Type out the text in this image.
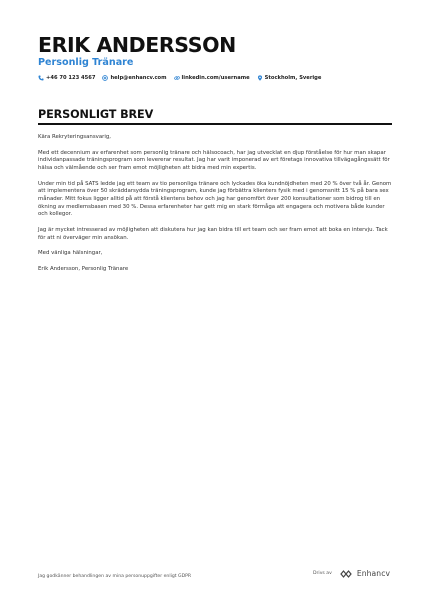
ERIK ANDERSSON
Personlig Tränare
+46 70 123 4567	help@enhancv.com	linkedin.com/username	Stockholm, Sverige
PERSONLIGT BREV

Kära Rekryteringsansvarig,

Med ett decennium av erfarenhet som personlig tränare och hälsocoach, har jag utvecklat en djup förståelse för hur man skapar individanpassade träningsprogram som levererar resultat. Jag har varit imponerad av ert företags innovativa tillvägagångssätt för hälsa och välmående och ser fram emot möjligheten att bidra med min expertis.

Under min tid på SATS ledde jag ett team av tio personliga tränare och lyckades öka kundnöjdheten med 20 % över två år. Genom att implementera över 50 skräddarsydda träningsprogram, kunde jag förbättra klienters fysik med i genomsnitt 15 % på bara sex månader. Mitt fokus ligger alltid på att förstå klientens behov och jag har genomfört över 200 konsultationer som bidrog till en ökning av medlemsbasen med 30 %. Dessa erfarenheter har gett mig en stark förmåga att engagera och motivera både kunder och kollegor.

Jag är mycket intresserad av möjligheten att diskutera hur jag kan bidra till ert team och ser fram emot att boka en intervju. Tack för att ni överväger min ansökan.

Med vänliga hälsningar,

Erik Andersson, Personlig Tränare

Jag godkänner behandlingen av mina personuppgifter enligt GDPR
Drivs av	Enhancv
